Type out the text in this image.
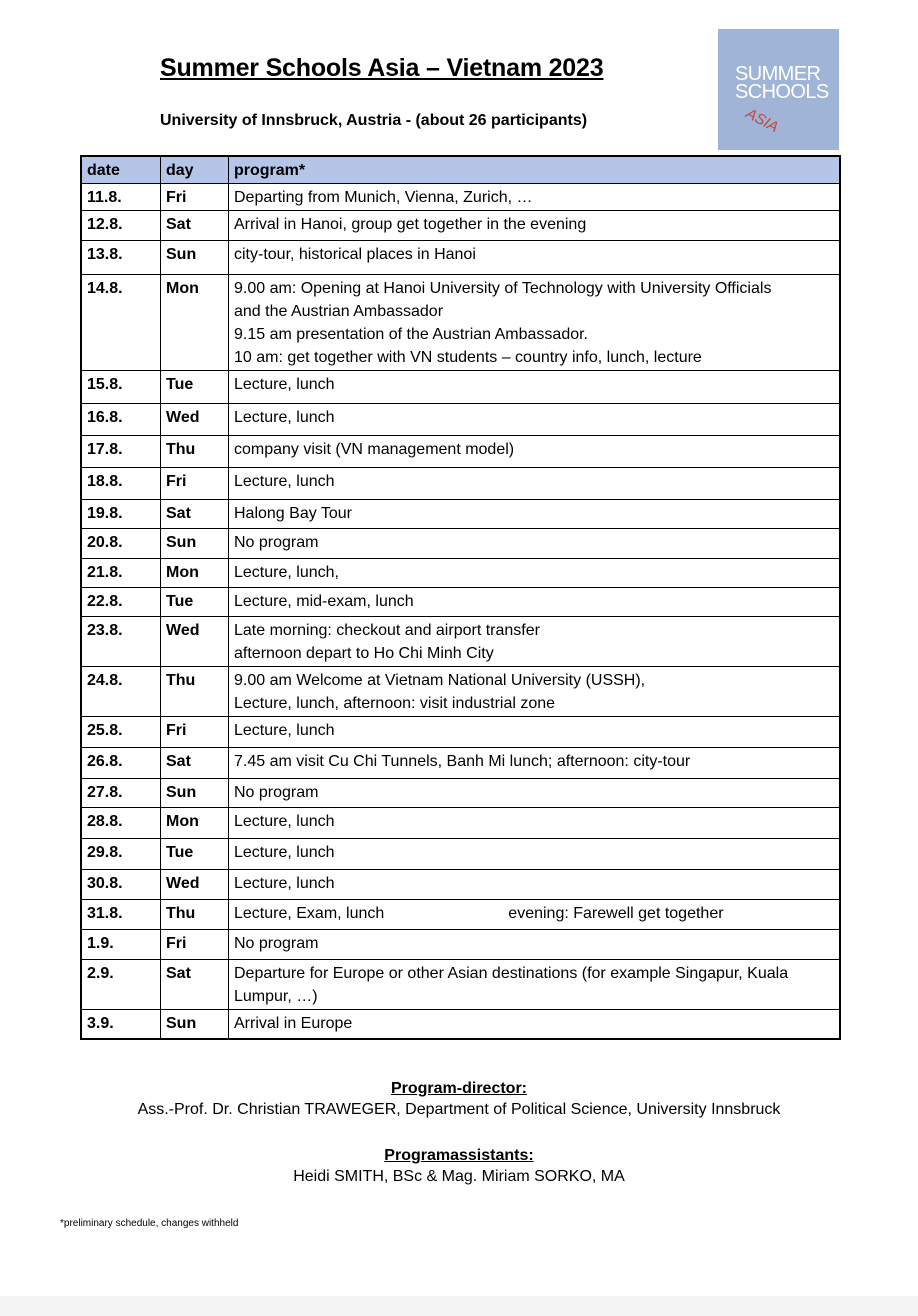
Summer Schools Asia – Vietnam 2023
University of Innsbruck, Austria - (about 26 participants)
SUMMER
SCHOOLS
ASIA
date	day	program*
11.8.	Fri	Departing from Munich, Vienna, Zurich, …

12.8.	Sat	Arrival in Hanoi, group get together in the evening

13.8.	Sun	city-tour, historical places in Hanoi

14.8.	Mon	9.00 am: Opening at Hanoi University of Technology with University Officials
and the Austrian Ambassador
9.15 am presentation of the Austrian Ambassador.
10 am: get together with VN students – country info, lunch, lecture

15.8.	Tue	Lecture, lunch

16.8.	Wed	Lecture, lunch

17.8.	Thu	company visit (VN management model)

18.8.	Fri	Lecture, lunch

19.8.	Sat	Halong Bay Tour

20.8.	Sun	No program

21.8.	Mon	Lecture, lunch,

22.8.	Tue	Lecture, mid-exam, lunch

23.8.	Wed	Late morning: checkout and airport transfer
afternoon depart to Ho Chi Minh City

24.8.	Thu	9.00 am Welcome at Vietnam National University (USSH),
Lecture, lunch, afternoon: visit industrial zone

25.8.	Fri	Lecture, lunch

26.8.	Sat	7.45 am visit Cu Chi Tunnels, Banh Mi lunch; afternoon: city-tour

27.8.	Sun	No program

28.8.	Mon	Lecture, lunch

29.8.	Tue	Lecture, lunch

30.8.	Wed	Lecture, lunch

31.8.	Thu	Lecture, Exam, lunch evening: Farewell get together
1.9.	Fri	No program

2.9.	Sat	Departure for Europe or other Asian destinations (for example Singapur, Kuala
Lumpur, …)

3.9.	Sun	Arrival in Europe
Program-director:
Ass.-Prof. Dr. Christian TRAWEGER, Department of Political Science, University Innsbruck
Programassistants:
Heidi SMITH, BSc & Mag. Miriam SORKO, MA
*preliminary schedule, changes withheld
